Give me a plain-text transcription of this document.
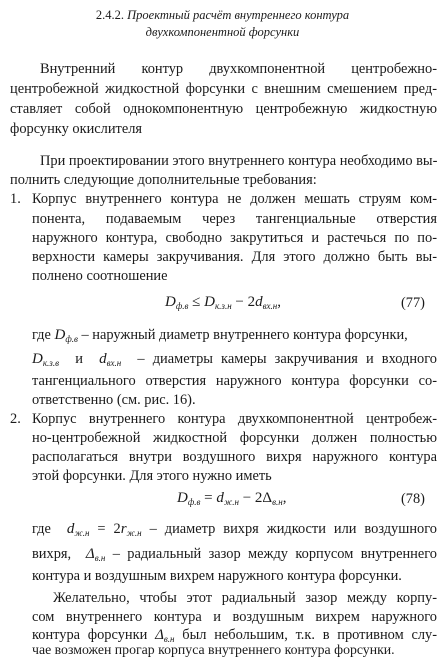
2.4.2. Проектный расчёт внутреннего контура
двухкомпонентной форсунки
Внутренний контур двухкомпонентной центробежно-
центробежной жидкостной форсунки с внешним смешением пред-
ставляет собой однокомпонентную центробежную жидкостную
форсунку окислителя
При проектировании этого внутреннего контура необходимо вы-
полнить следующие дополнительные требования:
1. Корпус внутреннего контура не должен мешать струям ком-
понента, подаваемым через тангенциальные отверстия
наружного контура, свободно закрутиться и растечься по по-
верхности камеры закручивания. Для этого должно быть вы-
полнено соотношение
$D_{ф.в} \le D_{к.з.н} - 2d_{вх.н}$,	(77)
где $D_{ф.в}$ – наружный диаметр внутреннего контура форсунки,
$D_{к.з.в}$ и $d_{вх.н}$ – диаметры камеры закручивания и входного
тангенциального отверстия наружного контура форсунки со-
ответственно (см. рис. 16).
2. Корпус внутреннего контура двухкомпонентной центробеж-
но-центробежной жидкостной форсунки должен полностью
располагаться внутри воздушного вихря наружного контура
этой форсунки. Для этого нужно иметь
$D_{ф.в} = d_{ж.н} - 2\Delta_{в.н}$,	(78)
где $d_{ж.н} = 2r_{ж.н}$ – диаметр вихря жидкости или воздушного
вихря, $\Delta_{в.н}$ – радиальный зазор между корпусом внутреннего
контура и воздушным вихрем наружного контура форсунки.
Желательно, чтобы этот радиальный зазор между корпу-
сом внутреннего контура и воздушным вихрем наружного
контура форсунки $\Delta_{в.н}$ был небольшим, т.к. в противном слу-
чае возможен прогар корпуса внутреннего контура форсунки.
